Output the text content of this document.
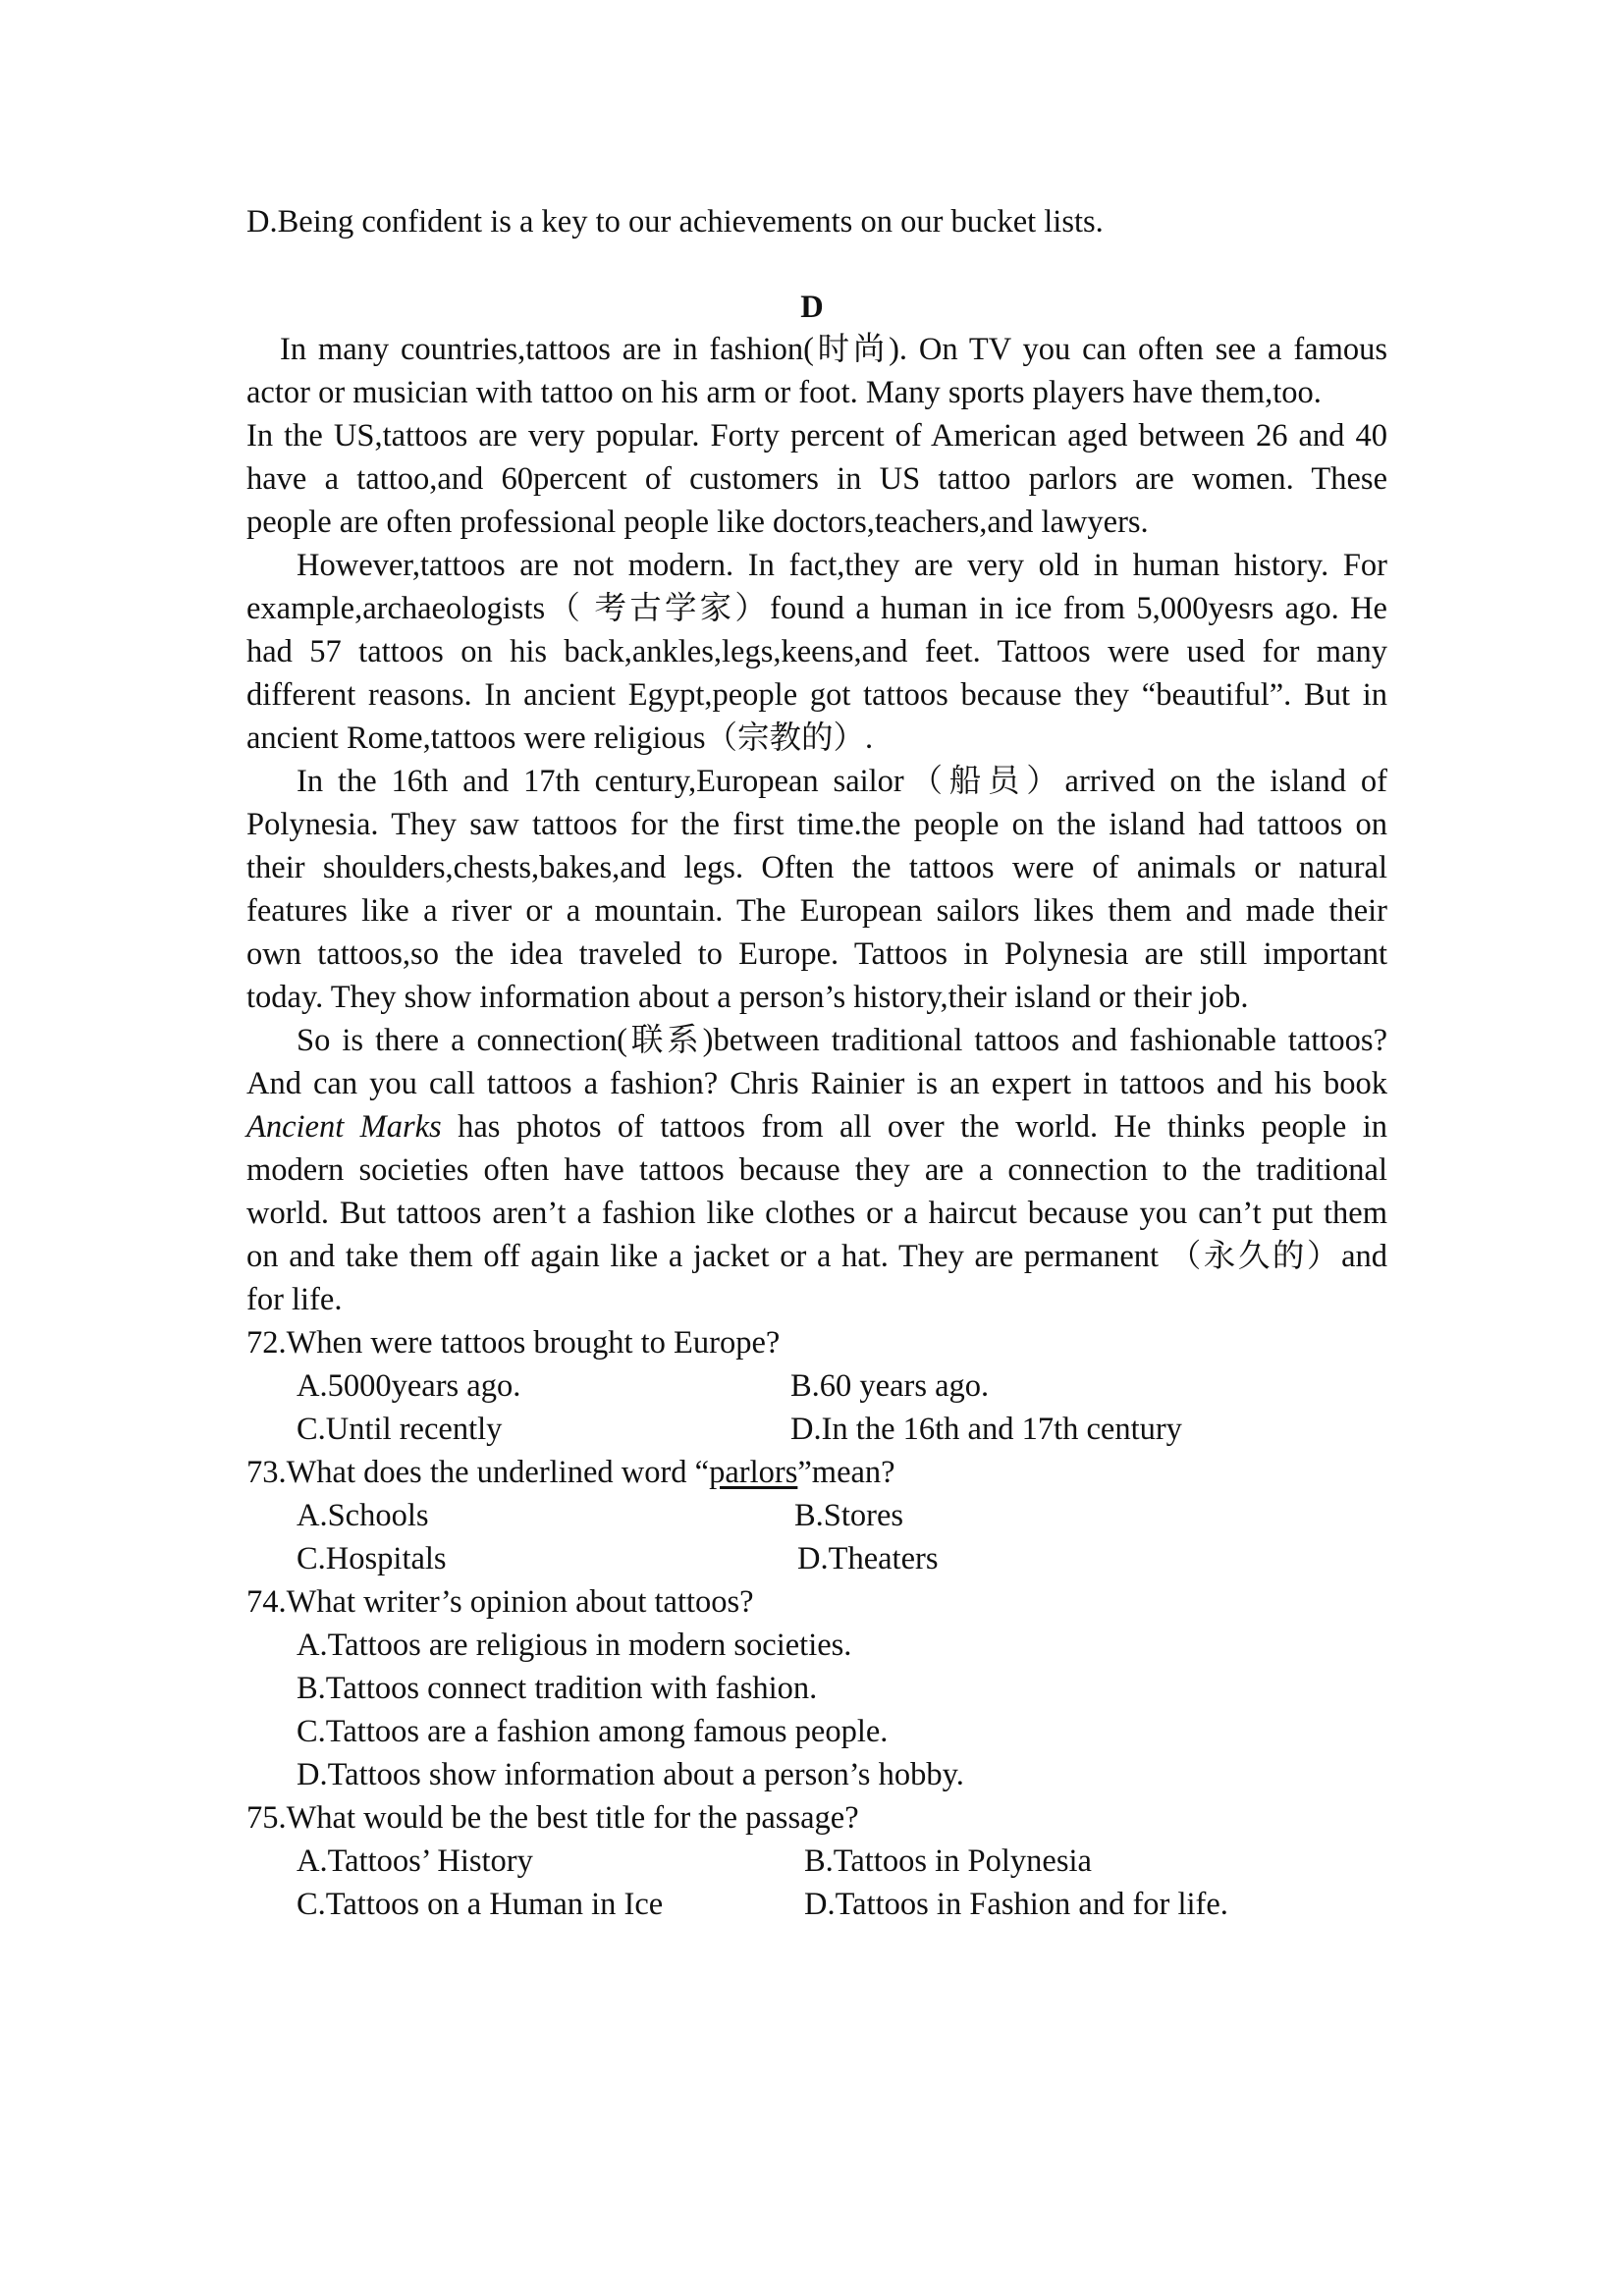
D.Being confident is a key to our achievements on our bucket lists.
D
In many countries,tattoos are in fashion(时尚). On TV you can often see a famous
actor or musician with tattoo on his arm or foot. Many sports players have them,too.
In the US,tattoos are very popular. Forty percent of American aged between 26 and 40
have a tattoo,and 60percent of customers in US tattoo parlors are women. These
people are often professional people like doctors,teachers,and lawyers.
However,tattoos are not modern. In fact,they are very old in human history. For
example,archaeologists（ 考古学家）found a human in ice from 5,000yesrs ago. He
had 57 tattoos on his back,ankles,legs,keens,and feet. Tattoos were used for many
different reasons. In ancient Egypt,people got tattoos because they “beautiful”. But in
ancient Rome,tattoos were religious（宗教的）.
In the 16th and 17th century,European sailor（船员）arrived on the island of
Polynesia. They saw tattoos for the first time.the people on the island had tattoos on
their shoulders,chests,bakes,and legs. Often the tattoos were of animals or natural
features like a river or a mountain. The European sailors likes them and made their
own tattoos,so the idea traveled to Europe. Tattoos in Polynesia are still important
today. They show information about a person’s history,their island or their job.
So is there a connection(联系)between traditional tattoos and fashionable tattoos?
And can you call tattoos a fashion? Chris Rainier is an expert in tattoos and his book
Ancient Marks has photos of tattoos from all over the world. He thinks people in
modern societies often have tattoos because they are a connection to the traditional
world. But tattoos aren’t a fashion like clothes or a haircut because you can’t put them
on and take them off again like a jacket or a hat. They are permanent （永久的）and
for life.
72.When were tattoos brought to Europe?
A.5000years ago.	B.60 years ago.
C.Until recently	D.In the 16th and 17th century
73.What does the underlined word “parlors”mean?
A.Schools	B.Stores
C.Hospitals	D.Theaters
74.What writer’s opinion about tattoos?
A.Tattoos are religious in modern societies.
B.Tattoos connect tradition with fashion.
C.Tattoos are a fashion among famous people.
D.Tattoos show information about a person’s hobby.
75.What would be the best title for the passage?
A.Tattoos’ History	B.Tattoos in Polynesia
C.Tattoos on a Human in Ice	D.Tattoos in Fashion and for life.
